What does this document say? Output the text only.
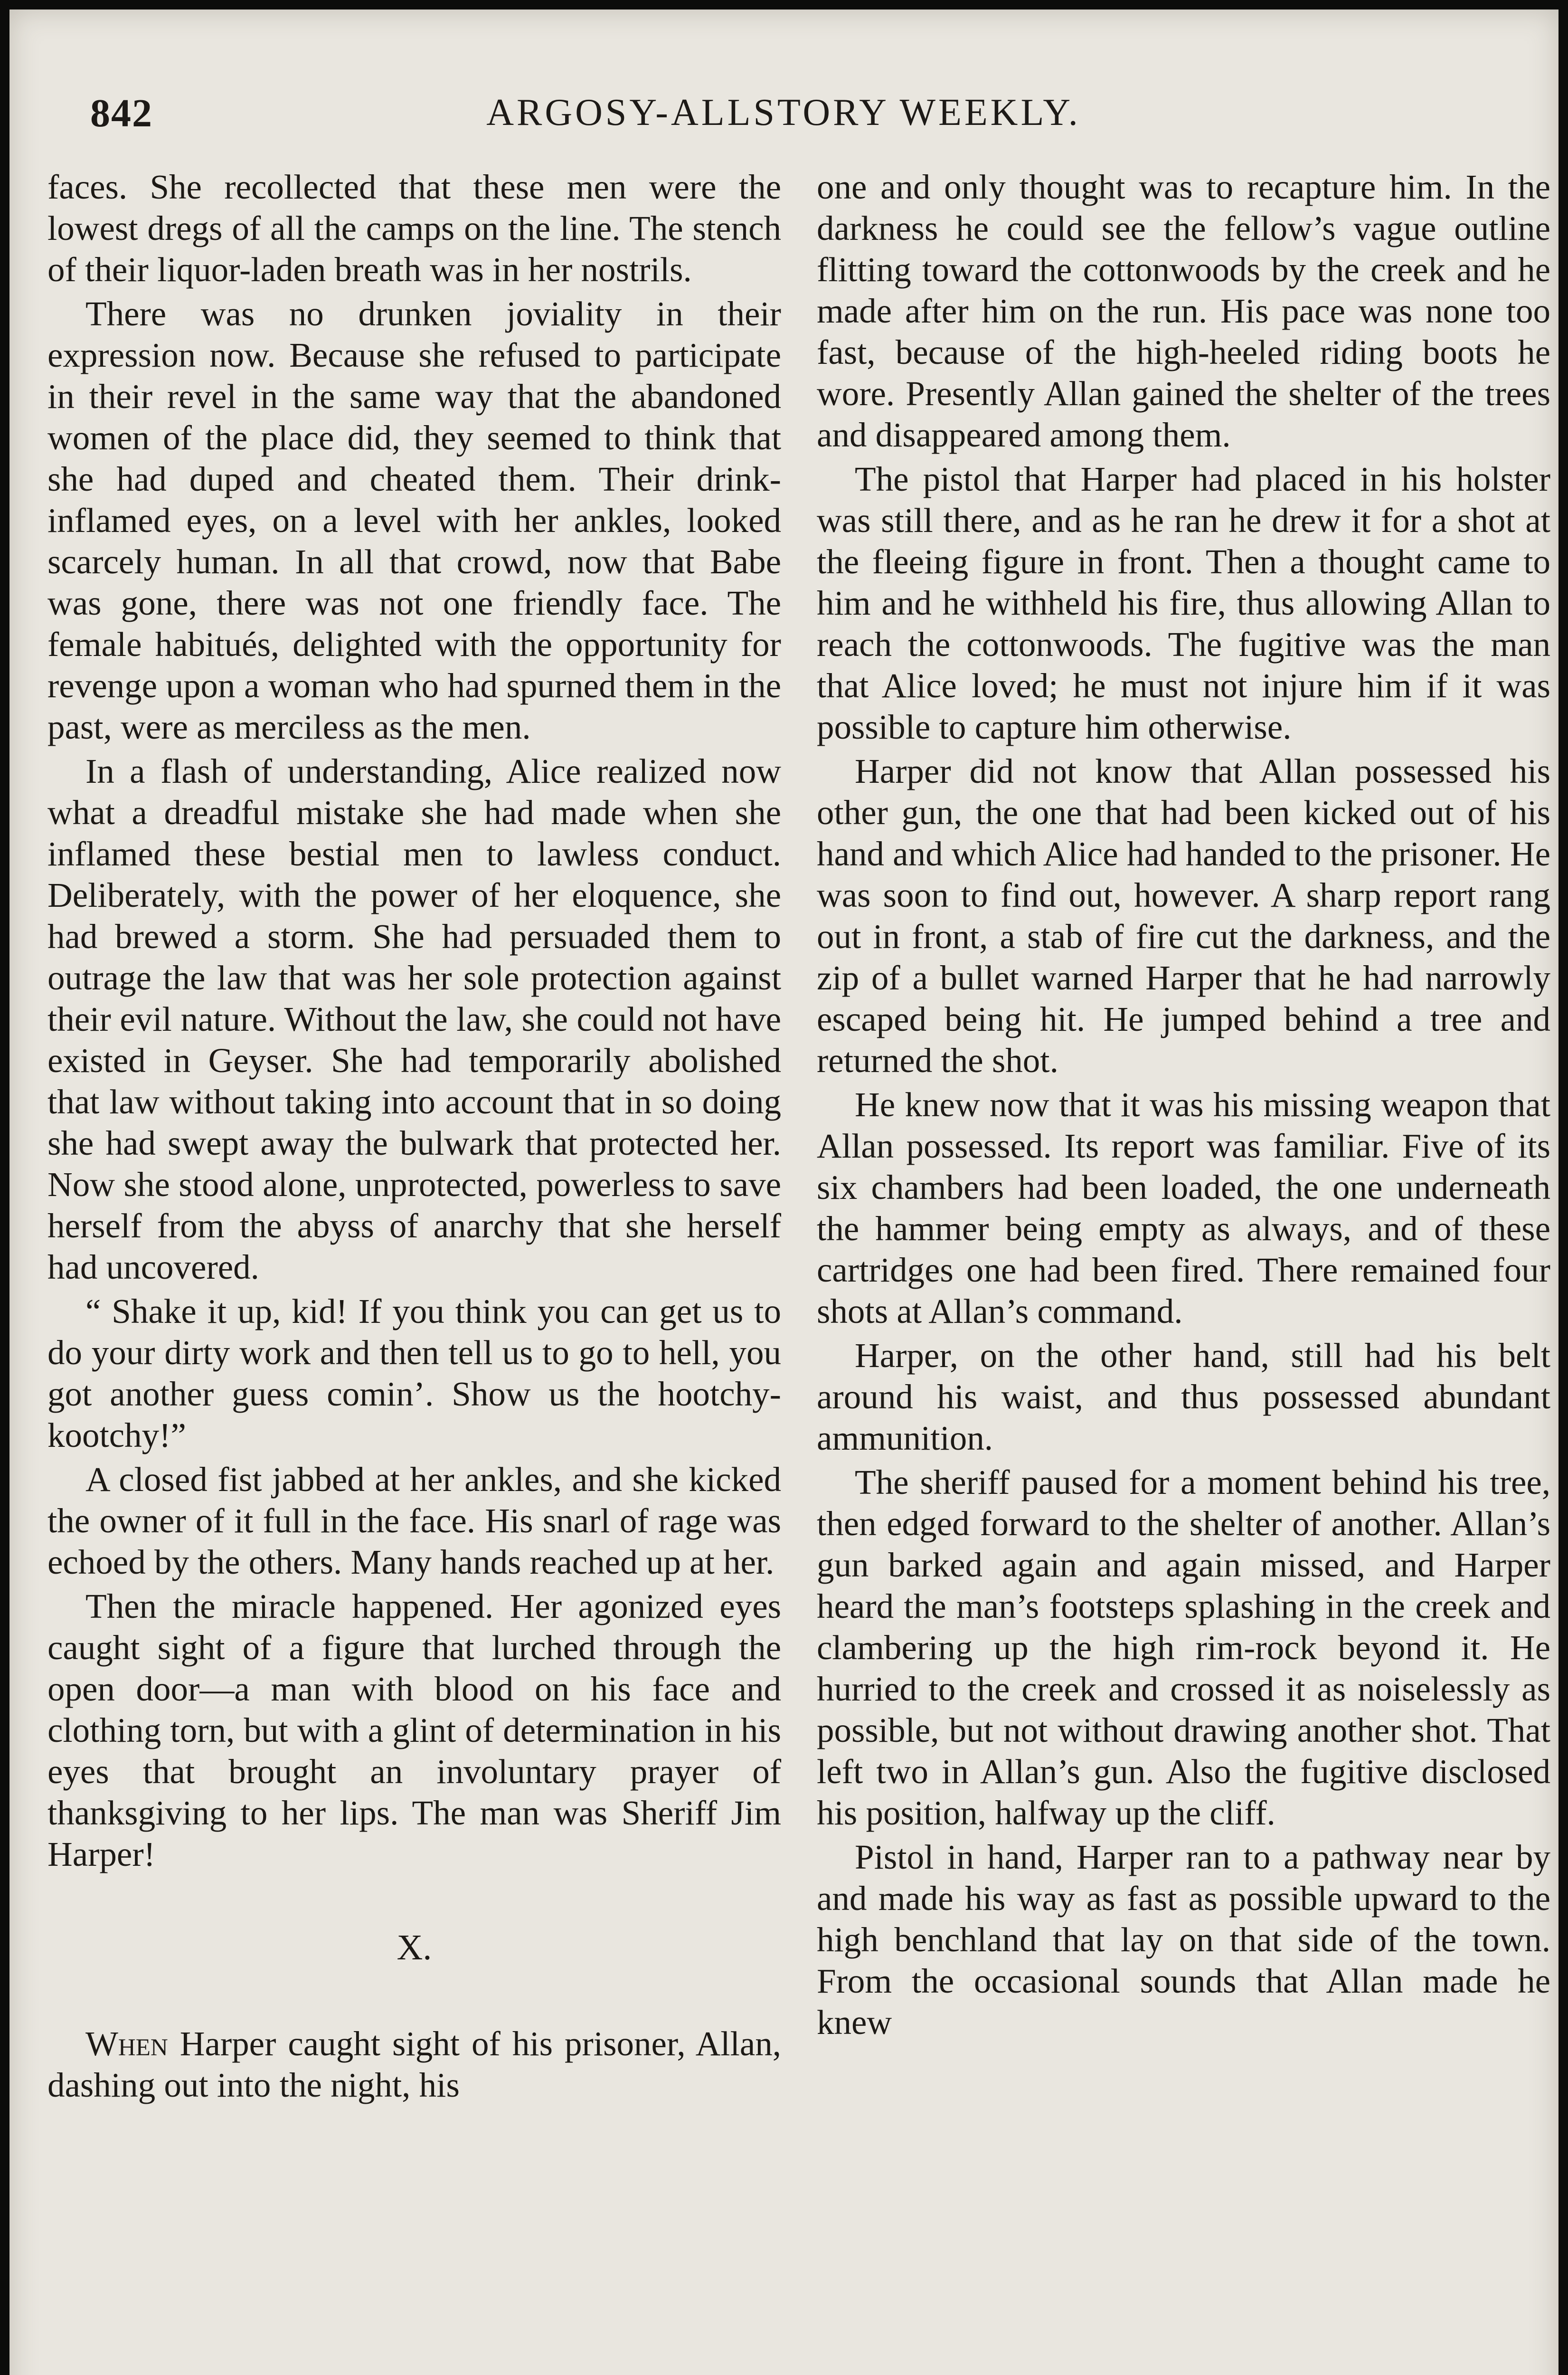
842	ARGOSY-ALLSTORY WEEKLY.

faces. She recollected that these men were the lowest dregs of all the camps on the line. The stench of their liquor-laden breath was in her nostrils.

There was no drunken joviality in their expression now. Because she refused to participate in their revel in the same way that the abandoned women of the place did, they seemed to think that she had duped and cheated them. Their drink-inflamed eyes, on a level with her ankles, looked scarcely human. In all that crowd, now that Babe was gone, there was not one friendly face. The female habitués, delighted with the opportunity for revenge upon a woman who had spurned them in the past, were as merciless as the men.

In a flash of understanding, Alice realized now what a dreadful mistake she had made when she inflamed these bestial men to lawless conduct. Deliberately, with the power of her eloquence, she had brewed a storm. She had persuaded them to outrage the law that was her sole protection against their evil nature. Without the law, she could not have existed in Geyser. She had temporarily abolished that law without taking into account that in so doing she had swept away the bulwark that protected her. Now she stood alone, unprotected, powerless to save herself from the abyss of anarchy that she herself had uncovered.

“ Shake it up, kid! If you think you can get us to do your dirty work and then tell us to go to hell, you got another guess comin’. Show us the hootchy-kootchy!”

A closed fist jabbed at her ankles, and she kicked the owner of it full in the face. His snarl of rage was echoed by the others. Many hands reached up at her.

Then the miracle happened. Her agonized eyes caught sight of a figure that lurched through the open door—a man with blood on his face and clothing torn, but with a glint of determination in his eyes that brought an involuntary prayer of thanksgiving to her lips. The man was Sheriff Jim Harper!

X.

When Harper caught sight of his prisoner, Allan, dashing out into the night, his

one and only thought was to recapture him. In the darkness he could see the fellow’s vague outline flitting toward the cottonwoods by the creek and he made after him on the run. His pace was none too fast, because of the high-heeled riding boots he wore. Presently Allan gained the shelter of the trees and disappeared among them.

The pistol that Harper had placed in his holster was still there, and as he ran he drew it for a shot at the fleeing figure in front. Then a thought came to him and he withheld his fire, thus allowing Allan to reach the cottonwoods. The fugitive was the man that Alice loved; he must not injure him if it was possible to capture him otherwise.

Harper did not know that Allan possessed his other gun, the one that had been kicked out of his hand and which Alice had handed to the prisoner. He was soon to find out, however. A sharp report rang out in front, a stab of fire cut the darkness, and the zip of a bullet warned Harper that he had narrowly escaped being hit. He jumped behind a tree and returned the shot.

He knew now that it was his missing weapon that Allan possessed. Its report was familiar. Five of its six chambers had been loaded, the one underneath the hammer being empty as always, and of these cartridges one had been fired. There remained four shots at Allan’s command.

Harper, on the other hand, still had his belt around his waist, and thus possessed abundant ammunition.

The sheriff paused for a moment behind his tree, then edged forward to the shelter of another. Allan’s gun barked again and again missed, and Harper heard the man’s footsteps splashing in the creek and clambering up the high rim-rock beyond it. He hurried to the creek and crossed it as noiselessly as possible, but not without drawing another shot. That left two in Allan’s gun. Also the fugitive disclosed his position, halfway up the cliff.

Pistol in hand, Harper ran to a pathway near by and made his way as fast as possible upward to the high benchland that lay on that side of the town. From the occasional sounds that Allan made he knew
